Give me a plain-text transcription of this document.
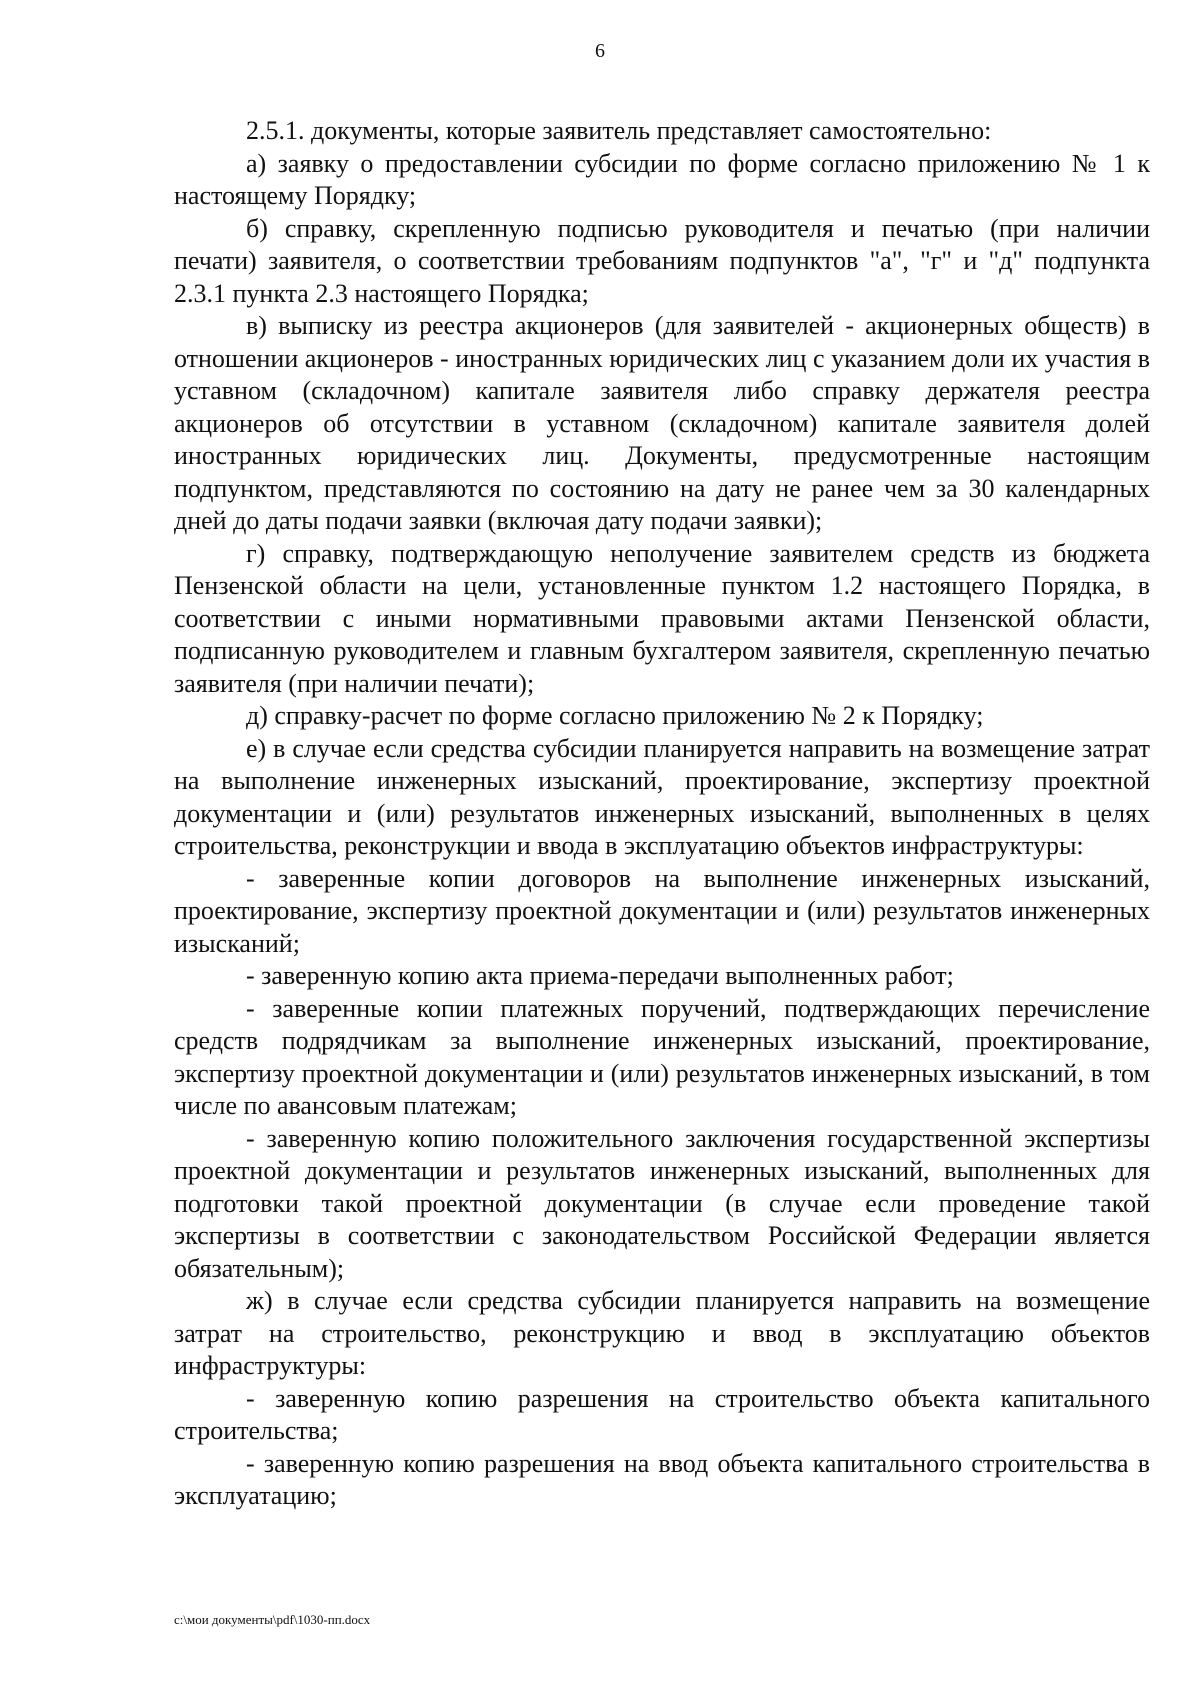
6

2.5.1. документы, которые заявитель представляет самостоятельно:

а) заявку о предоставлении субсидии по форме согласно приложению № 1 к настоящему Порядку;

б) справку, скрепленную подписью руководителя и печатью (при наличии печати) заявителя, о соответствии требованиям подпунктов "а", "г" и "д" подпункта 2.3.1 пункта 2.3 настоящего Порядка;

в) выписку из реестра акционеров (для заявителей - акционерных обществ) в отношении акционеров - иностранных юридических лиц с указанием доли их участия в уставном (складочном) капитале заявителя либо справку держателя реестра акционеров об отсутствии в уставном (складочном) капитале заявителя долей иностранных юридических лиц. Документы, предусмотренные настоящим подпунктом, представляются по состоянию на дату не ранее чем за 30 календарных дней до даты подачи заявки (включая дату подачи заявки);

г) справку, подтверждающую неполучение заявителем средств из бюджета Пензенской области на цели, установленные пунктом 1.2 настоящего Порядка, в соответствии с иными нормативными правовыми актами Пензенской области, подписанную руководителем и главным бухгалтером заявителя, скрепленную печатью заявителя (при наличии печати);

д) справку-расчет по форме согласно приложению № 2 к Порядку;

е) в случае если средства субсидии планируется направить на возмещение затрат на выполнение инженерных изысканий, проектирование, экспертизу проектной документации и (или) результатов инженерных изысканий, выполненных в целях строительства, реконструкции и ввода в эксплуатацию объектов инфраструктуры:

- заверенные копии договоров на выполнение инженерных изысканий, проектирование, экспертизу проектной документации и (или) результатов инженерных изысканий;

- заверенную копию акта приема-передачи выполненных работ;

- заверенные копии платежных поручений, подтверждающих перечисление средств подрядчикам за выполнение инженерных изысканий, проектирование, экспертизу проектной документации и (или) результатов инженерных изысканий, в том числе по авансовым платежам;

- заверенную копию положительного заключения государственной экспертизы проектной документации и результатов инженерных изысканий, выполненных для подготовки такой проектной документации (в случае если проведение такой экспертизы в соответствии с законодательством Российской Федерации является обязательным);

ж) в случае если средства субсидии планируется направить на возмещение затрат на строительство, реконструкцию и ввод в эксплуатацию объектов инфраструктуры:

- заверенную копию разрешения на строительство объекта капитального строительства;

- заверенную копию разрешения на ввод объекта капитального строительства в эксплуатацию;

c:\мои документы\pdf\1030-пп.docx
